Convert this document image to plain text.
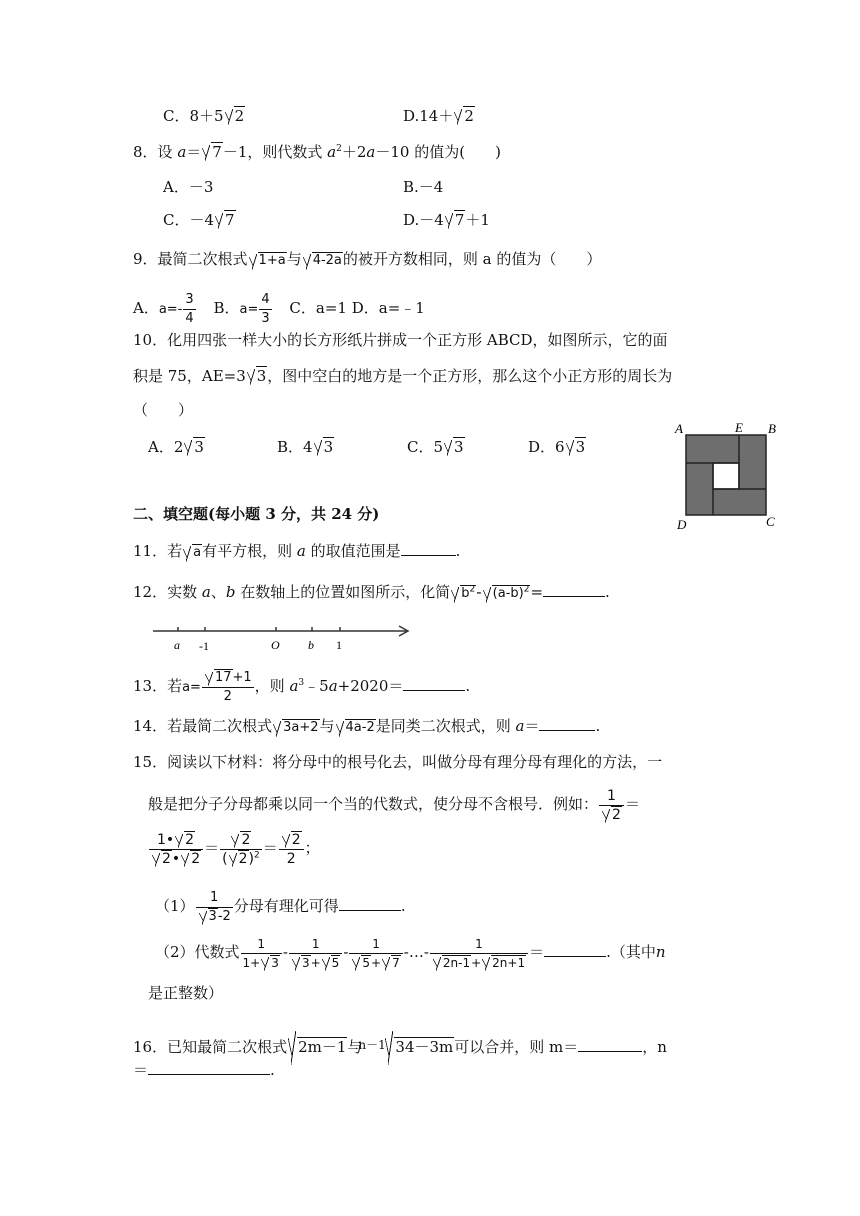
C．8＋5 2	D.14＋ 2
8．设 a＝ 7－1，则代数式 $a^2+2a-10$ 的值为(　　)
A．－3	B.－4
C．－4 7	D.－4 7＋1
9．最简二次根式 1+a与 4-2a的被开方数相同，则 a 的值为（　　）
A．$a=- \frac{3}{4}$ B．$a= \frac{4}{3}$ C．a=1 D．a=﹣1
10．化用四张一样大小的长方形纸片拼成一个正方形 ABCD，如图所示，它的面
积是 75，AE=3 3，图中空白的地方是一个正方形，那么这个小正方形的周长为
（　　）
A．2 3	B．4 3	C．5 3	D．6 3
A	E B
D	C
二、填空题(每小题 3 分，共 24 分)
11．若 a有平方根，则 a 的取值范围是	.
12．实数 a、b 在数轴上的位置如图所示，化简 $b^2-$ $(a-b)^2=$	.
a -1	O b 1
13．若$a= \frac{17+1}{2}$ ，则 $a^3﹣5a+2020=$	.
14．若最简二次根式 3a+2与 4a-2是同类二次根式，则 a＝	.
15．阅读以下材料：将分母中的根号化去，叫做分母有理分母有理化的方法，一
般是把分子分母都乘以同一个当的代数式，使分母不含根号．例如： $\frac{1}{2}$ ＝
$\frac{1• 2}{2• 2} = \frac{2}{( 2)^2} = \frac{2}{2}$ ；
$(1) \frac{1}{3-2}$ 分母有理化可得	.
（2）代数式 $\frac{1}{1+ 3} - \frac{1}{3+ 5} - \frac{1}{5+ 7}$ -…- $\frac{1}{2n-1+ 2n+1}$ ＝	.（其中n
是正整数）
16．已知最简二次根式 2m－1与
n－1 34－3m可以合并，则 m＝	，n
＝	.
